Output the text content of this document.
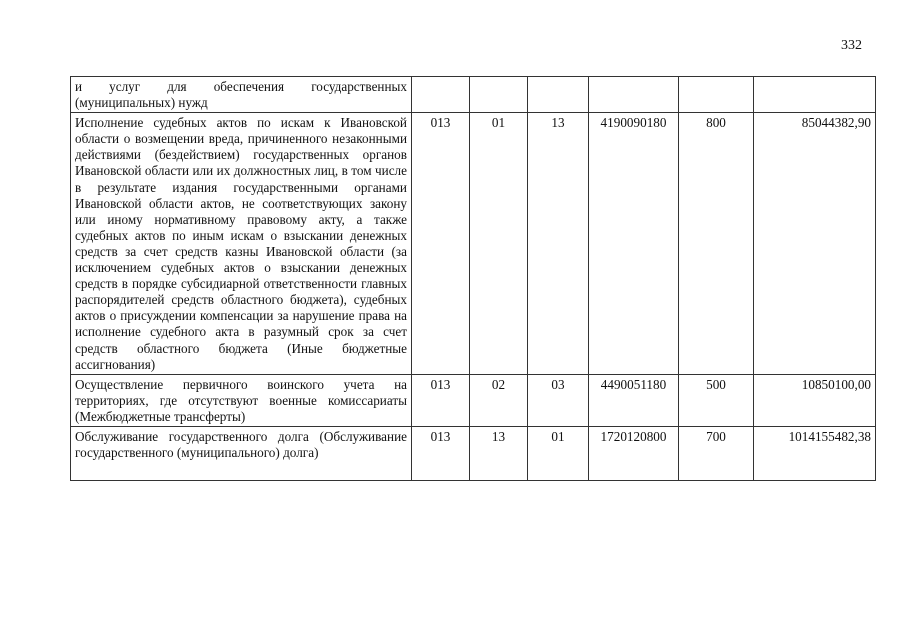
332
и услуг для обеспечения государственных (муниципальных) нужд						
Исполнение судебных актов по искам к Ивановской области о возмещении вреда, причиненного незаконными действиями (бездействием) государственных органов Ивановской области или их должностных лиц, в том числе в результате издания государственными органами Ивановской области актов, не соответствующих закону или иному нормативному правовому акту, а также судебных актов по иным искам о взыскании денежных средств за счет средств казны Ивановской области (за исключением судебных актов о взыскании денежных средств в порядке субсидиарной ответственности главных распорядителей средств областного бюджета), судебных актов о присуждении компенсации за нарушение права на исполнение судебного акта в разумный срок за счет средств областного бюджета (Иные бюджетные ассигнования)	013	01	13	4190090180	800	85044382,90
Осуществление первичного воинского учета на территориях, где отсутствуют военные комиссариаты (Межбюджетные трансферты)	013	02	03	4490051180	500	10850100,00
Обслуживание государственного долга (Обслуживание государственного (муниципального) долга)	013	13	01	1720120800	700	1014155482,38
